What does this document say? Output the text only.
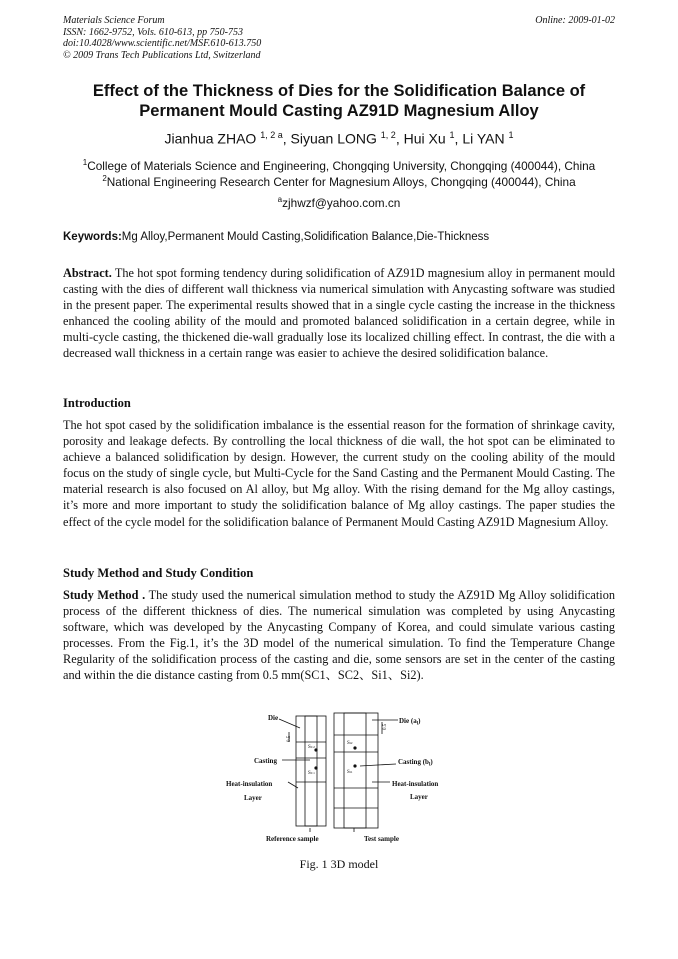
Materials Science Forum
ISSN: 1662-9752, Vols. 610-613, pp 750-753
doi:10.4028/www.scientific.net/MSF.610-613.750
© 2009 Trans Tech Publications Ltd, Switzerland
Online: 2009-01-02
Effect of the Thickness of Dies for the Solidification Balance of
Permanent Mould Casting AZ91D Magnesium Alloy
Jianhua ZHAO $^{1, 2 a}$, Siyuan LONG $^{1, 2}$, Hui Xu $^1$, Li YAN $^1$
$^1$College of Materials Science and Engineering, Chongqing University, Chongqing (400044), China
$^2$National Engineering Research Center for Magnesium Alloys, Chongqing (400044), China
$^a$zjhwzf@yahoo.com.cn
Keywords:Mg Alloy,Permanent Mould Casting,Solidification Balance,Die-Thickness
Abstract. The hot spot forming tendency during solidification of AZ91D magnesium alloy in permanent mould casting with the dies of different wall thickness via numerical simulation with Anycasting software was studied in the present paper. The experimental results showed that in a single cycle casting the increase in the thickness enhanced the cooling ability of the mould and promoted balanced solidification in a certain degree, while in multi-cycle casting, the thickened die-wall gradually lose its localized chilling effect. In contrast, the die with a decreased wall thickness in a certain range was easier to achieve the desired solidification balance.
Introduction
The hot spot cased by the solidification imbalance is the essential reason for the formation of shrinkage cavity, porosity and leakage defects. By controlling the local thickness of die wall, the hot spot can be eliminated to achieve a balanced solidification by design. However, the current study on the cooling ability of the mould focus on the study of single cycle, but Multi-Cycle for the Sand Casting and the Permanent Mould Casting. The material research is also focused on Al alloy, but Mg alloy. With the rising demand for the Mg alloy castings, it’s more and more important to study the solidification balance of Mg alloy castings. The paper studies the effect of the cycle model for the solidification balance of Permanent Mould Casting AZ91D Magnesium Alloy.
Study Method and Study Condition
Study Method . The study used the numerical simulation method to study the AZ91D Mg Alloy solidification process of the different thickness of dies. The numerical simulation was completed by using Anycasting software, which was developed by the Anycasting Company of Korea, and could simulate various casting processes. From the Fig.1, it’s the 3D model of the numerical simulation. To find the Temperature Change Regularity of the solidification process of the casting and die, some sensors are set in the center of the casting and within the die distance casting from 0.5 mm(SC1、SC2、Si1、Si2).
Die
Casting
Heat-insulation
Layer
Die $(a_l)$
Casting $(b_l)$
Heat-insulation
Layer
Reference sample	Test sample
SC2
SC1
Si2
Si1
0.5
0.5
Fig. 1 3D model
